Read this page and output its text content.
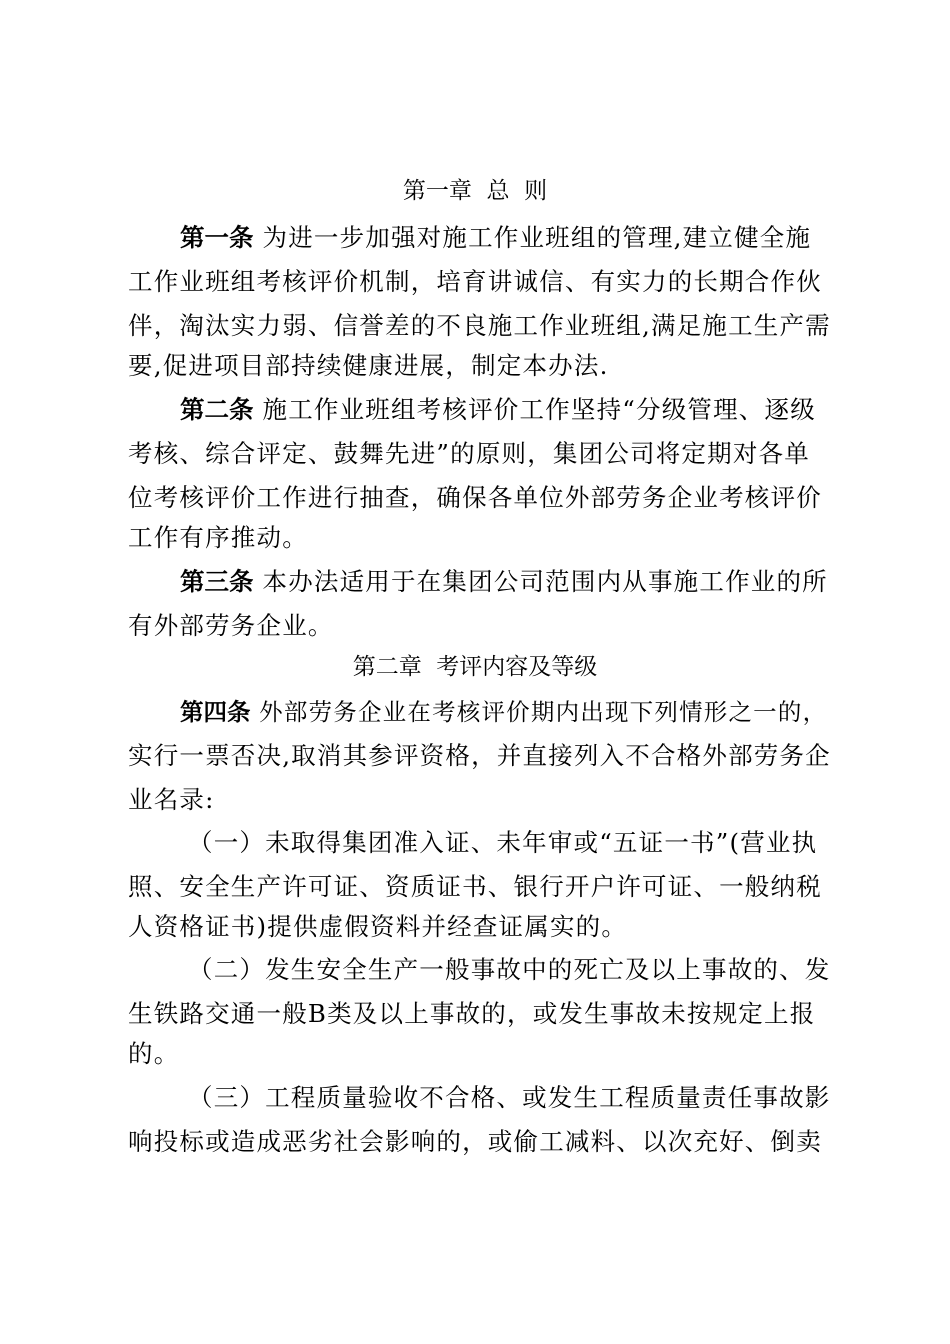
第一章  总  则
第一条 为进一步加强对施工作业班组的管理,建立健全施
工作业班组考核评价机制，培育讲诚信、有实力的长期合作伙
伴，淘汰实力弱、信誉差的不良施工作业班组,满足施工生产需
要,促进项目部持续健康进展，制定本办法.
第二条 施工作业班组考核评价工作坚持“分级管理、逐级
考核、综合评定、鼓舞先进”的原则，集团公司将定期对各单
位考核评价工作进行抽查，确保各单位外部劳务企业考核评价
工作有序推动。
第三条 本办法适用于在集团公司范围内从事施工作业的所
有外部劳务企业。
第二章  考评内容及等级
第四条 外部劳务企业在考核评价期内出现下列情形之一的，
实行一票否决,取消其参评资格，并直接列入不合格外部劳务企
业名录:
（一）未取得集团准入证、未年审或“五证一书”(营业执
照、安全生产许可证、资质证书、银行开户许可证、一般纳税
人资格证书)提供虚假资料并经查证属实的。
（二）发生安全生产一般事故中的死亡及以上事故的、发
生铁路交通一般B类及以上事故的，或发生事故未按规定上报
的。
（三）工程质量验收不合格、或发生工程质量责任事故影
响投标或造成恶劣社会影响的，或偷工减料、以次充好、倒卖
